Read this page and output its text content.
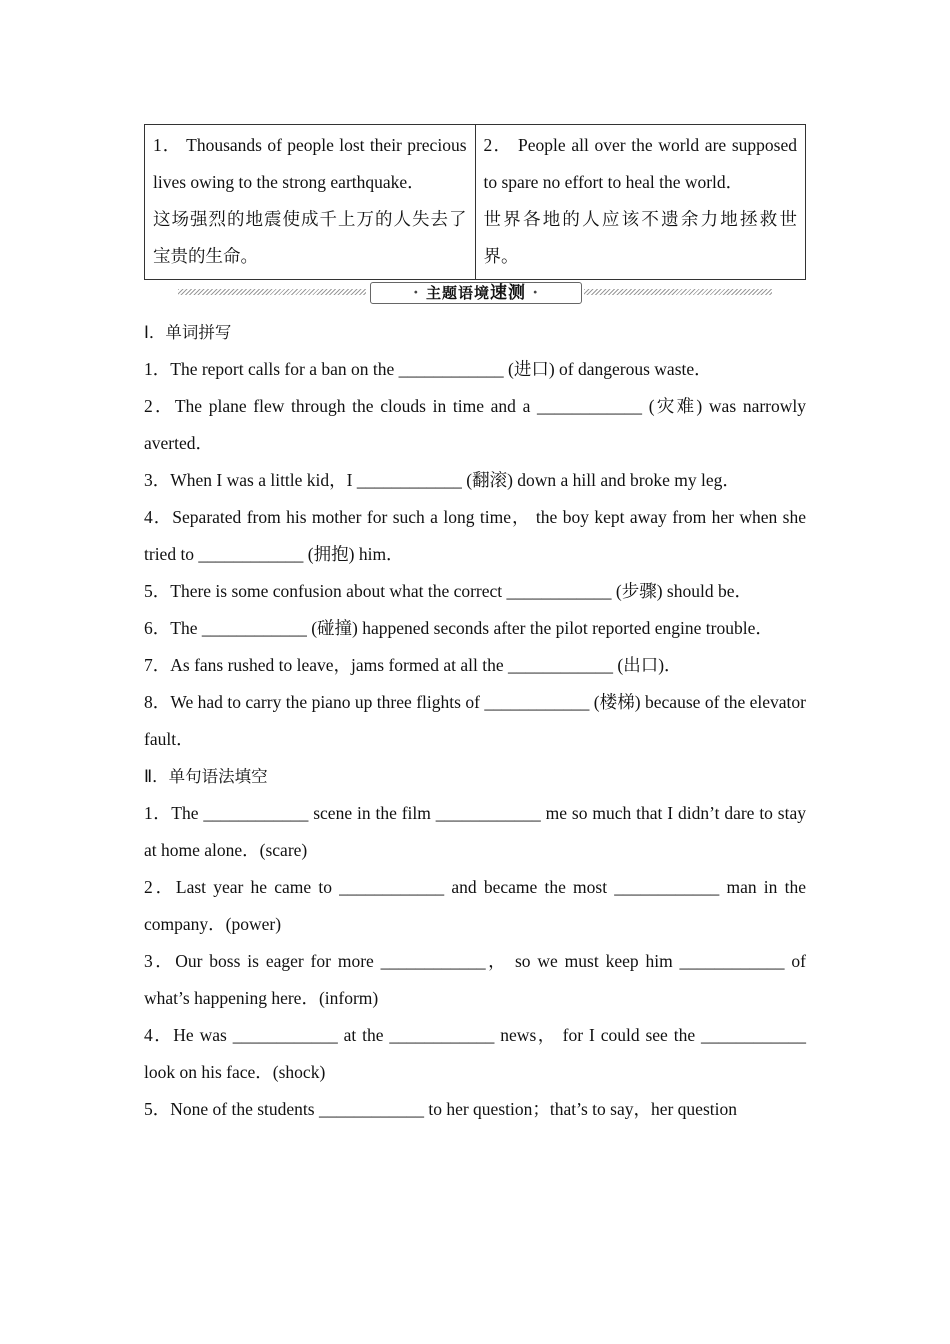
1． Thousands of people lost their precious lives owing to the strong earthquake．
这场强烈的地震使成千上万的人失去了宝贵的生命。
	2． People all over the world are supposed to spare no effort to heal the world．
世界各地的人应该不遗余力地拯救世界。
• 主题语境速测 •

Ⅰ．单词拼写

1．The report calls for a ban on the ____________ (进口) of dangerous waste．

2．The plane flew through the clouds in time and a ____________ (灾难) was narrowly averted．

3．When I was a little kid，I ____________ (翻滚) down a hill and broke my leg．

4．Separated from his mother for such a long time， the boy kept away from her when she tried to ____________ (拥抱) him．

5．There is some confusion about what the correct ____________ (步骤) should be．

6．The ____________ (碰撞) happened seconds after the pilot reported engine trouble．

7．As fans rushed to leave，jams formed at all the ____________ (出口)．

8．We had to carry the piano up three flights of ____________ (楼梯) because of the elevator fault．

Ⅱ．单句语法填空

1．The ____________ scene in the film ____________ me so much that I didn’t dare to stay at home alone．(scare)

2．Last year he came to ____________ and became the most ____________ man in the company．(power)

3．Our boss is eager for more ____________， so we must keep him ____________ of what’s happening here．(inform)

4．He was ____________ at the ____________ news， for I could see the ____________ look on his face．(shock)

5．None of the students ____________ to her question；that’s to say，her question
